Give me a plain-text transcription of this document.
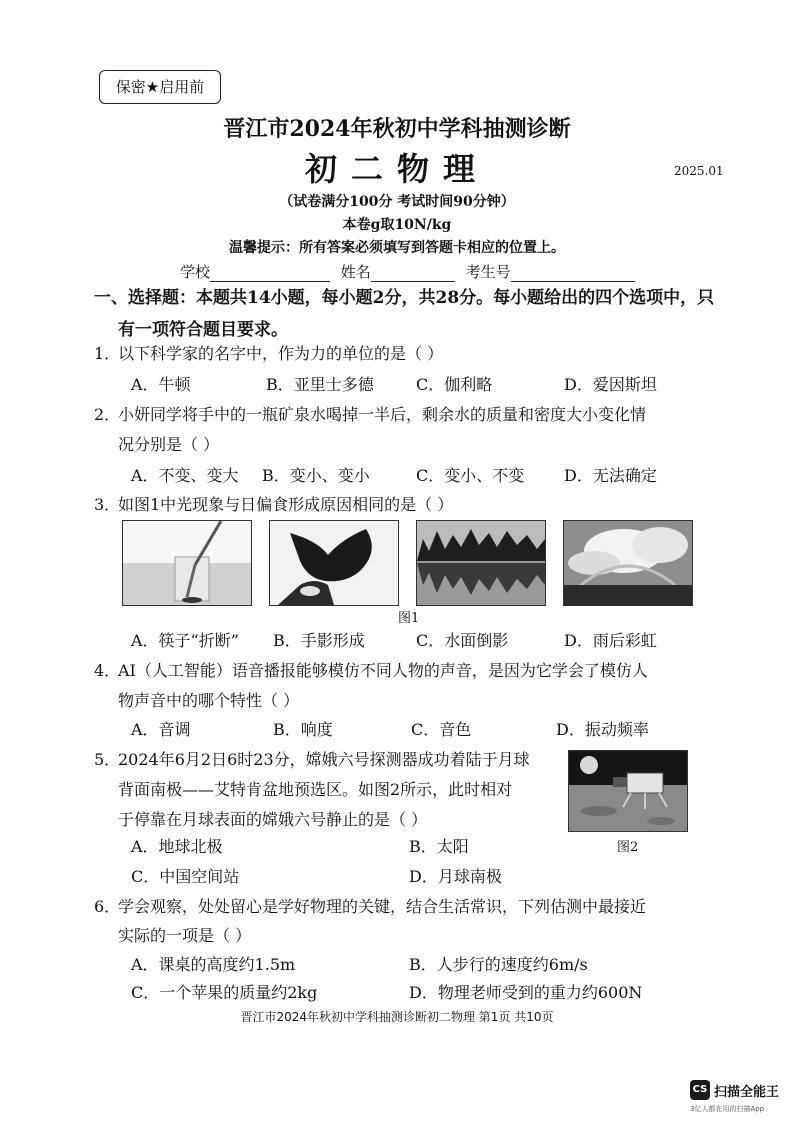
保密★启用前
晋江市2024年秋初中学科抽测诊断
初二物理	2025.01
（试卷满分100分 考试时间90分钟）
本卷g取10N/kg
温馨提示：所有答案必须填写到答题卡相应的位置上。
学校	姓名	考生号
一、选择题：本题共14小题，每小题2分，共28分。每小题给出的四个选项中，只
有一项符合题目要求。
1．以下科学家的名字中，作为力的单位的是（ ）
A．牛顿	B．亚里士多德	C．伽利略	D．爱因斯坦
2．小妍同学将手中的一瓶矿泉水喝掉一半后，剩余水的质量和密度大小变化情
况分别是（ ）
A．不变、变大 B．变小、变小	C．变小、不变 D．无法确定
3．如图1中光现象与日偏食形成原因相同的是（ ）
图1
A．筷子“折断” B．手影形成	C．水面倒影	D．雨后彩虹
4．AI（人工智能）语音播报能够模仿不同人物的声音，是因为它学会了模仿人
物声音中的哪个特性（ ）
A．音调	B．响度	C．音色	D．振动频率
5．2024年6月2日6时23分，嫦娥六号探测器成功着陆于月球
背面南极——艾特肯盆地预选区。如图2所示，此时相对
于停靠在月球表面的嫦娥六号静止的是（ ）
图2
A．地球北极	B．太阳
C．中国空间站	D．月球南极
6．学会观察，处处留心是学好物理的关键，结合生活常识，下列估测中最接近
实际的一项是（ ）
A．课桌的高度约1.5m	B．人步行的速度约6m/s
C．一个苹果的质量约2kg	D．物理老师受到的重力约600N
晋江市2024年秋初中学科抽测诊断初二物理 第1页 共10页
CS 扫描全能王
3亿人都在用的扫描App
